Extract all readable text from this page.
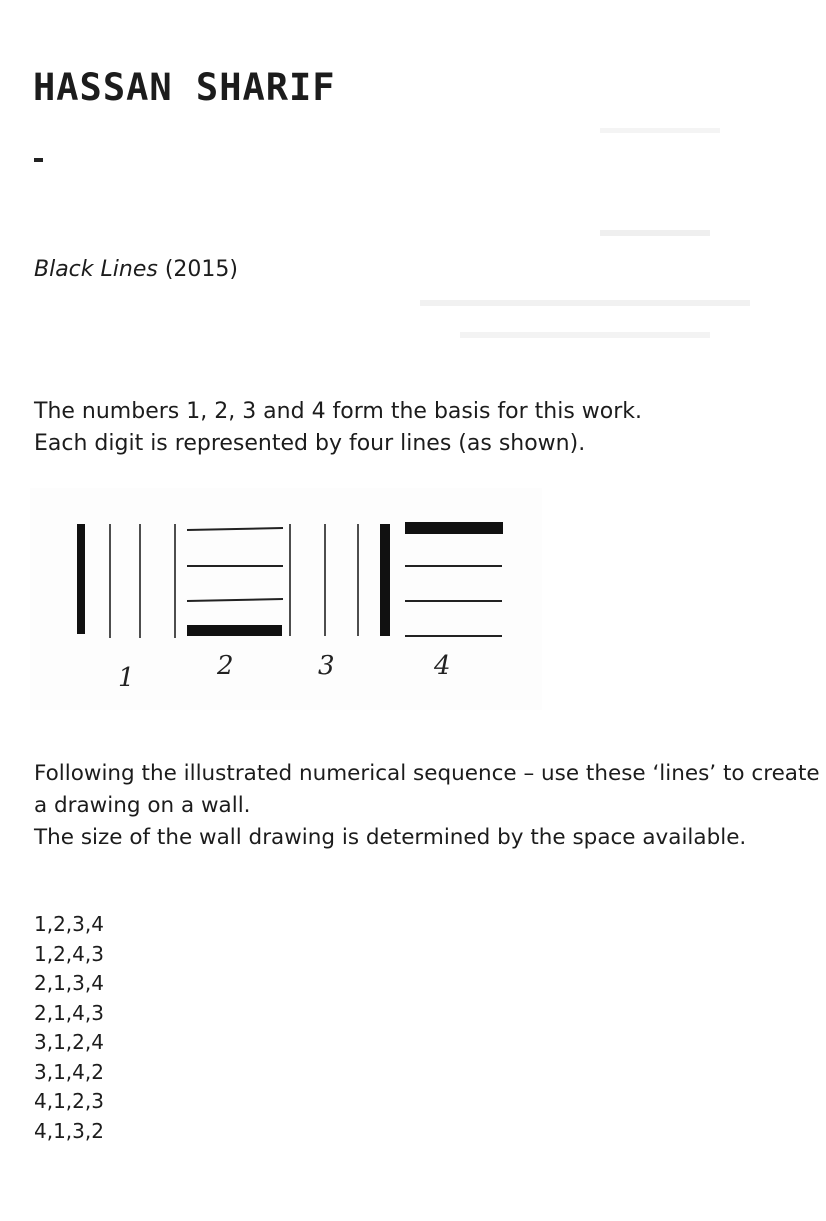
HASSAN SHARIF
Black Lines (2015)

The numbers 1, 2, 3 and 4 form the basis for this work.
Each digit is represented by four lines (as shown).

1	2	3	4

Following the illustrated numerical sequence – use these ‘lines’ to create
a drawing on a wall.
The size of the wall drawing is determined by the space available.

1,2,3,4
1,2,4,3
2,1,3,4
2,1,4,3
3,1,2,4
3,1,4,2
4,1,2,3
4,1,3,2
